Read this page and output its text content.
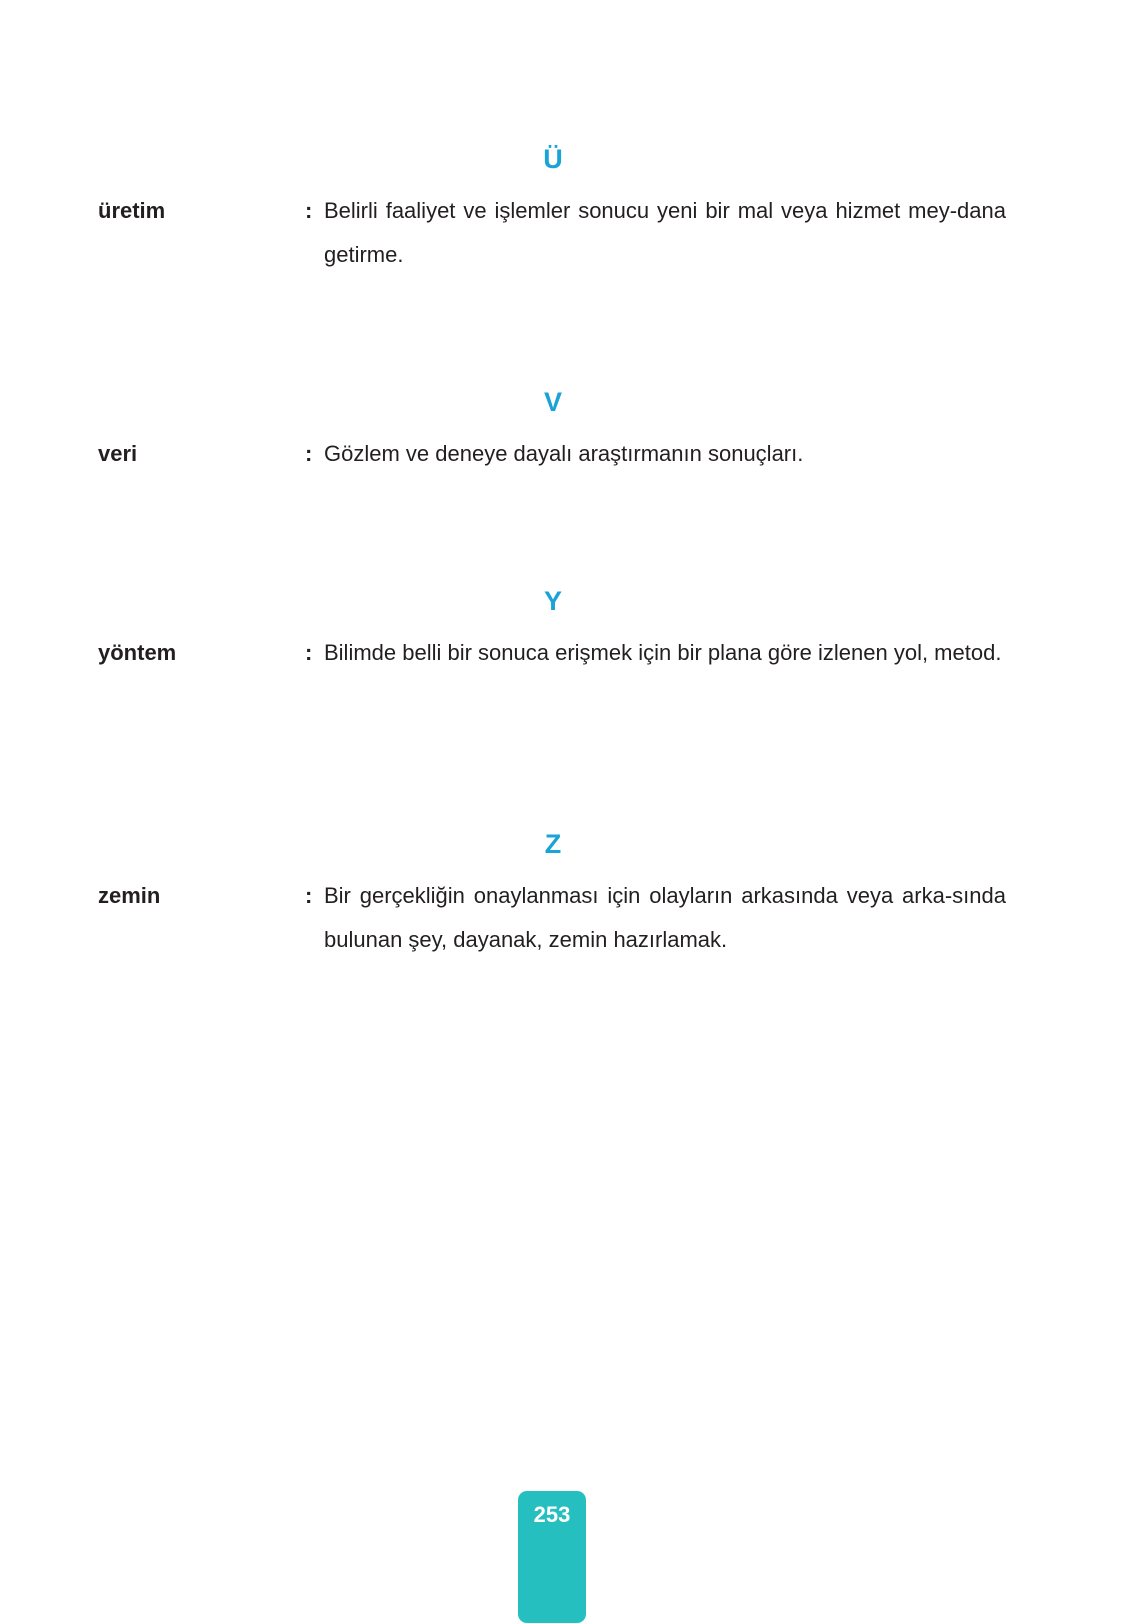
Ü
üretim	: Belirli faaliyet ve işlemler sonucu yeni bir mal veya hizmet mey-dana getirme.
V
veri	: Gözlem ve deneye dayalı araştırmanın sonuçları.
Y
yöntem	: Bilimde belli bir sonuca erişmek için bir plana göre izlenen yol, metod.
Z
zemin	: Bir gerçekliğin onaylanması için olayların arkasında veya arka-sında bulunan şey, dayanak, zemin hazırlamak.
253
